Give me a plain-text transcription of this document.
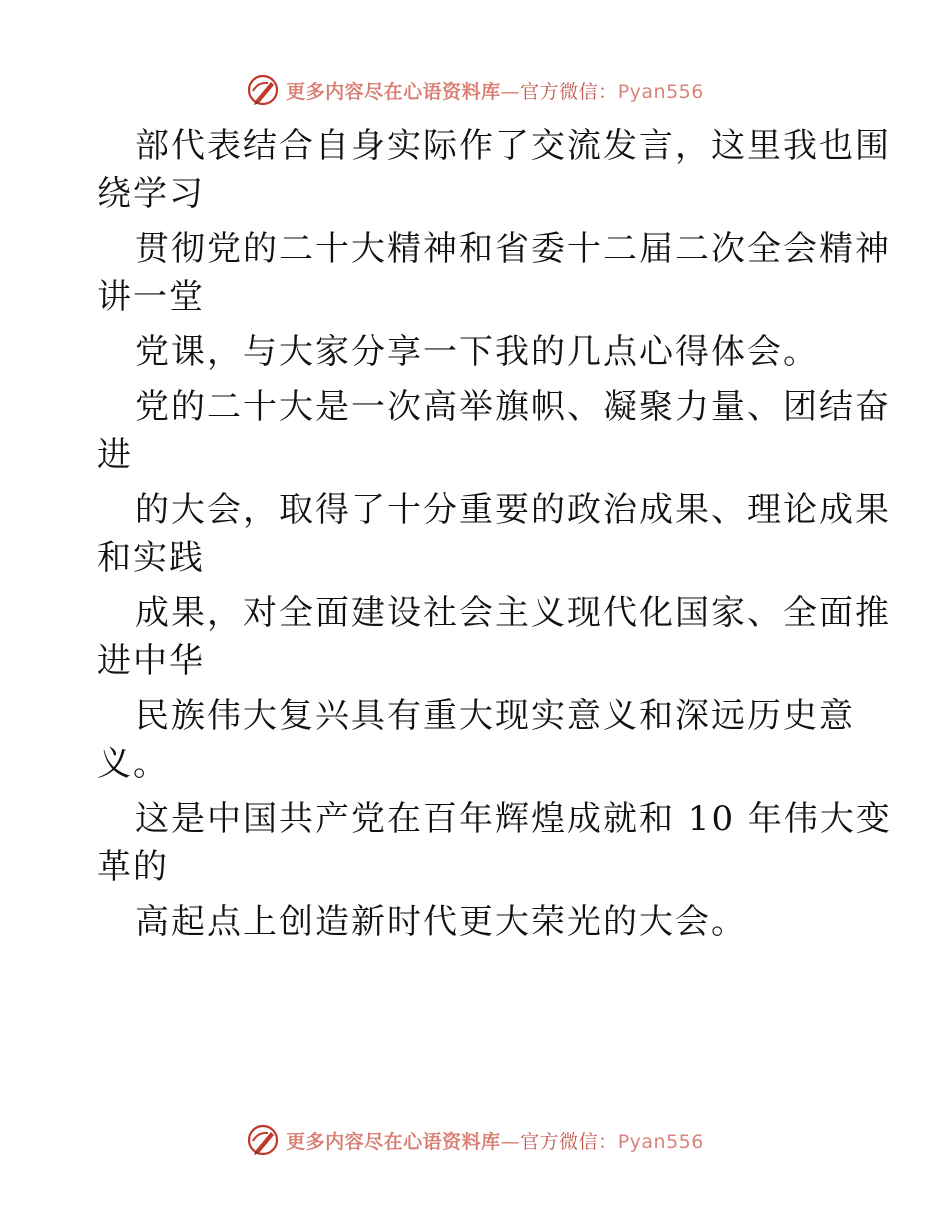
更多内容尽在心语资料库—官方微信：Pyan556

部代表结合自身实际作了交流发言，这里我也围

绕学习

贯彻党的二十大精神和省委十二届二次全会精神

讲一堂

党课，与大家分享一下我的几点心得体会。

党的二十大是一次高举旗帜、凝聚力量、团结奋

进

的大会，取得了十分重要的政治成果、理论成果

和实践

成果，对全面建设社会主义现代化国家、全面推

进中华

民族伟大复兴具有重大现实意义和深远历史意

义。

这是中国共产党在百年辉煌成就和 10 年伟大变

革的

高起点上创造新时代更大荣光的大会。

更多内容尽在心语资料库—官方微信：Pyan556
